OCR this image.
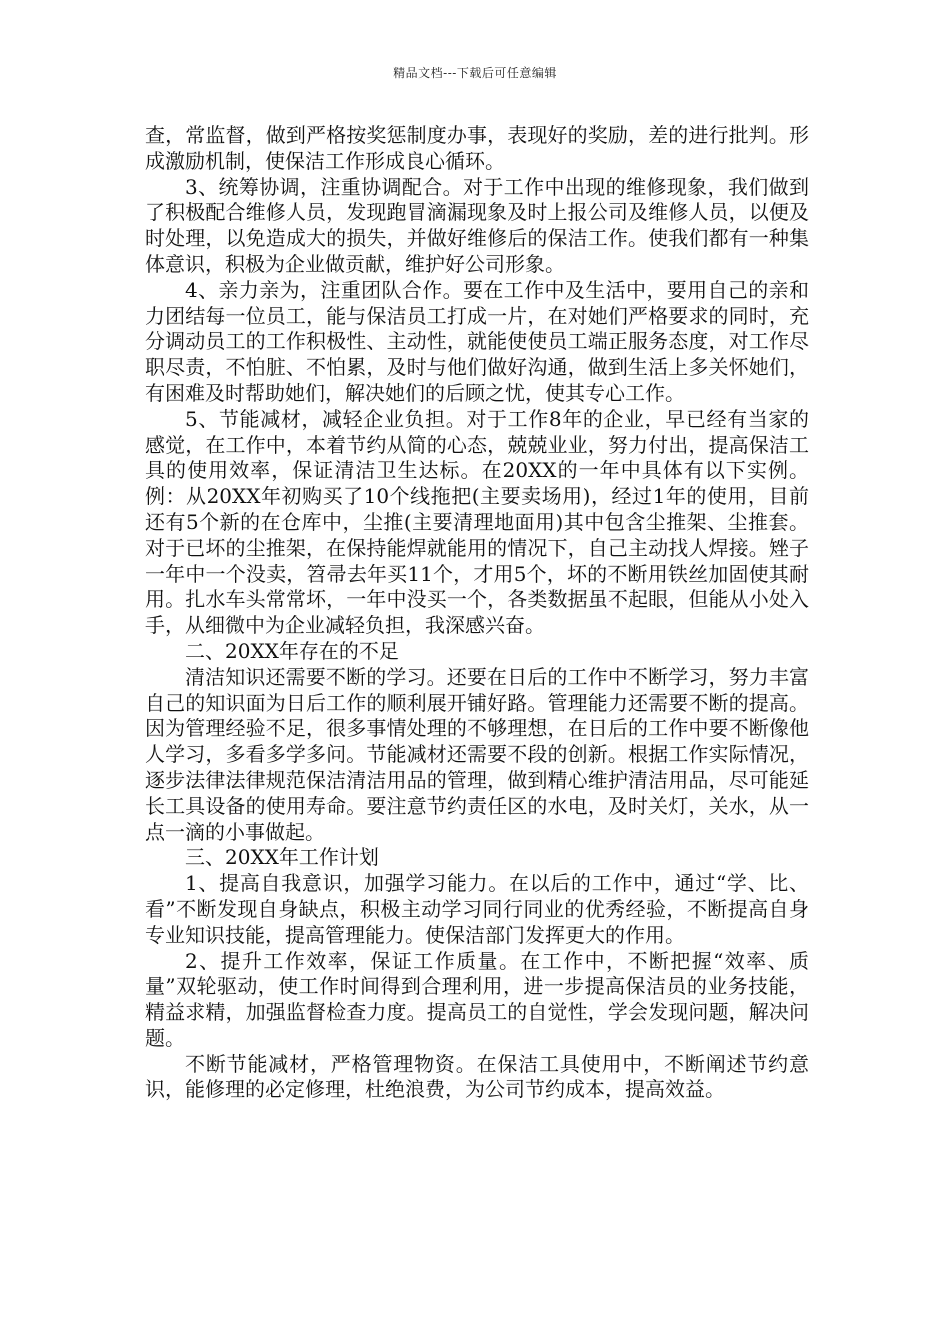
精品文档---下载后可任意编辑

查，常监督，做到严格按奖惩制度办事，表现好的奖励，差的进行批判。形成激励机制，使保洁工作形成良心循环。

3、统筹协调，注重协调配合。对于工作中出现的维修现象，我们做到了积极配合维修人员，发现跑冒滴漏现象及时上报公司及维修人员，以便及时处理，以免造成大的损失，并做好维修后的保洁工作。使我们都有一种集体意识，积极为企业做贡献，维护好公司形象。

4、亲力亲为，注重团队合作。要在工作中及生活中，要用自己的亲和力团结每一位员工，能与保洁员工打成一片，在对她们严格要求的同时，充分调动员工的工作积极性、主动性，就能使使员工端正服务态度，对工作尽职尽责，不怕脏、不怕累，及时与他们做好沟通，做到生活上多关怀她们，有困难及时帮助她们，解决她们的后顾之忧，使其专心工作。

5、节能减材，减轻企业负担。对于工作8年的企业，早已经有当家的感觉，在工作中，本着节约从简的心态，兢兢业业，努力付出，提高保洁工具的使用效率，保证清洁卫生达标。在20XX的一年中具体有以下实例。例：从20XX年初购买了10个线拖把(主要卖场用)，经过1年的使用，目前还有5个新的在仓库中，尘推(主要清理地面用)其中包含尘推架、尘推套。对于已坏的尘推架，在保持能焊就能用的情况下，自己主动找人焊接。矬子一年中一个没卖，笤帚去年买11个，才用5个，坏的不断用铁丝加固使其耐用。扎水车头常常坏，一年中没买一个，各类数据虽不起眼，但能从小处入手，从细微中为企业减轻负担，我深感兴奋。

二、20XX年存在的不足

清洁知识还需要不断的学习。还要在日后的工作中不断学习，努力丰富自己的知识面为日后工作的顺利展开铺好路。管理能力还需要不断的提高。因为管理经验不足，很多事情处理的不够理想，在日后的工作中要不断像他人学习，多看多学多问。节能减材还需要不段的创新。根据工作实际情况，逐步法律法律规范保洁清洁用品的管理，做到精心维护清洁用品，尽可能延长工具设备的使用寿命。要注意节约责任区的水电，及时关灯，关水，从一点一滴的小事做起。

三、20XX年工作计划

1、提高自我意识，加强学习能力。在以后的工作中，通过“学、比、看”不断发现自身缺点，积极主动学习同行同业的优秀经验，不断提高自身专业知识技能，提高管理能力。使保洁部门发挥更大的作用。

2、提升工作效率，保证工作质量。在工作中，不断把握“效率、质量”双轮驱动，使工作时间得到合理利用，进一步提高保洁员的业务技能，精益求精，加强监督检查力度。提高员工的自觉性，学会发现问题，解决问题。

不断节能减材，严格管理物资。在保洁工具使用中，不断阐述节约意识，能修理的必定修理，杜绝浪费，为公司节约成本，提高效益。
